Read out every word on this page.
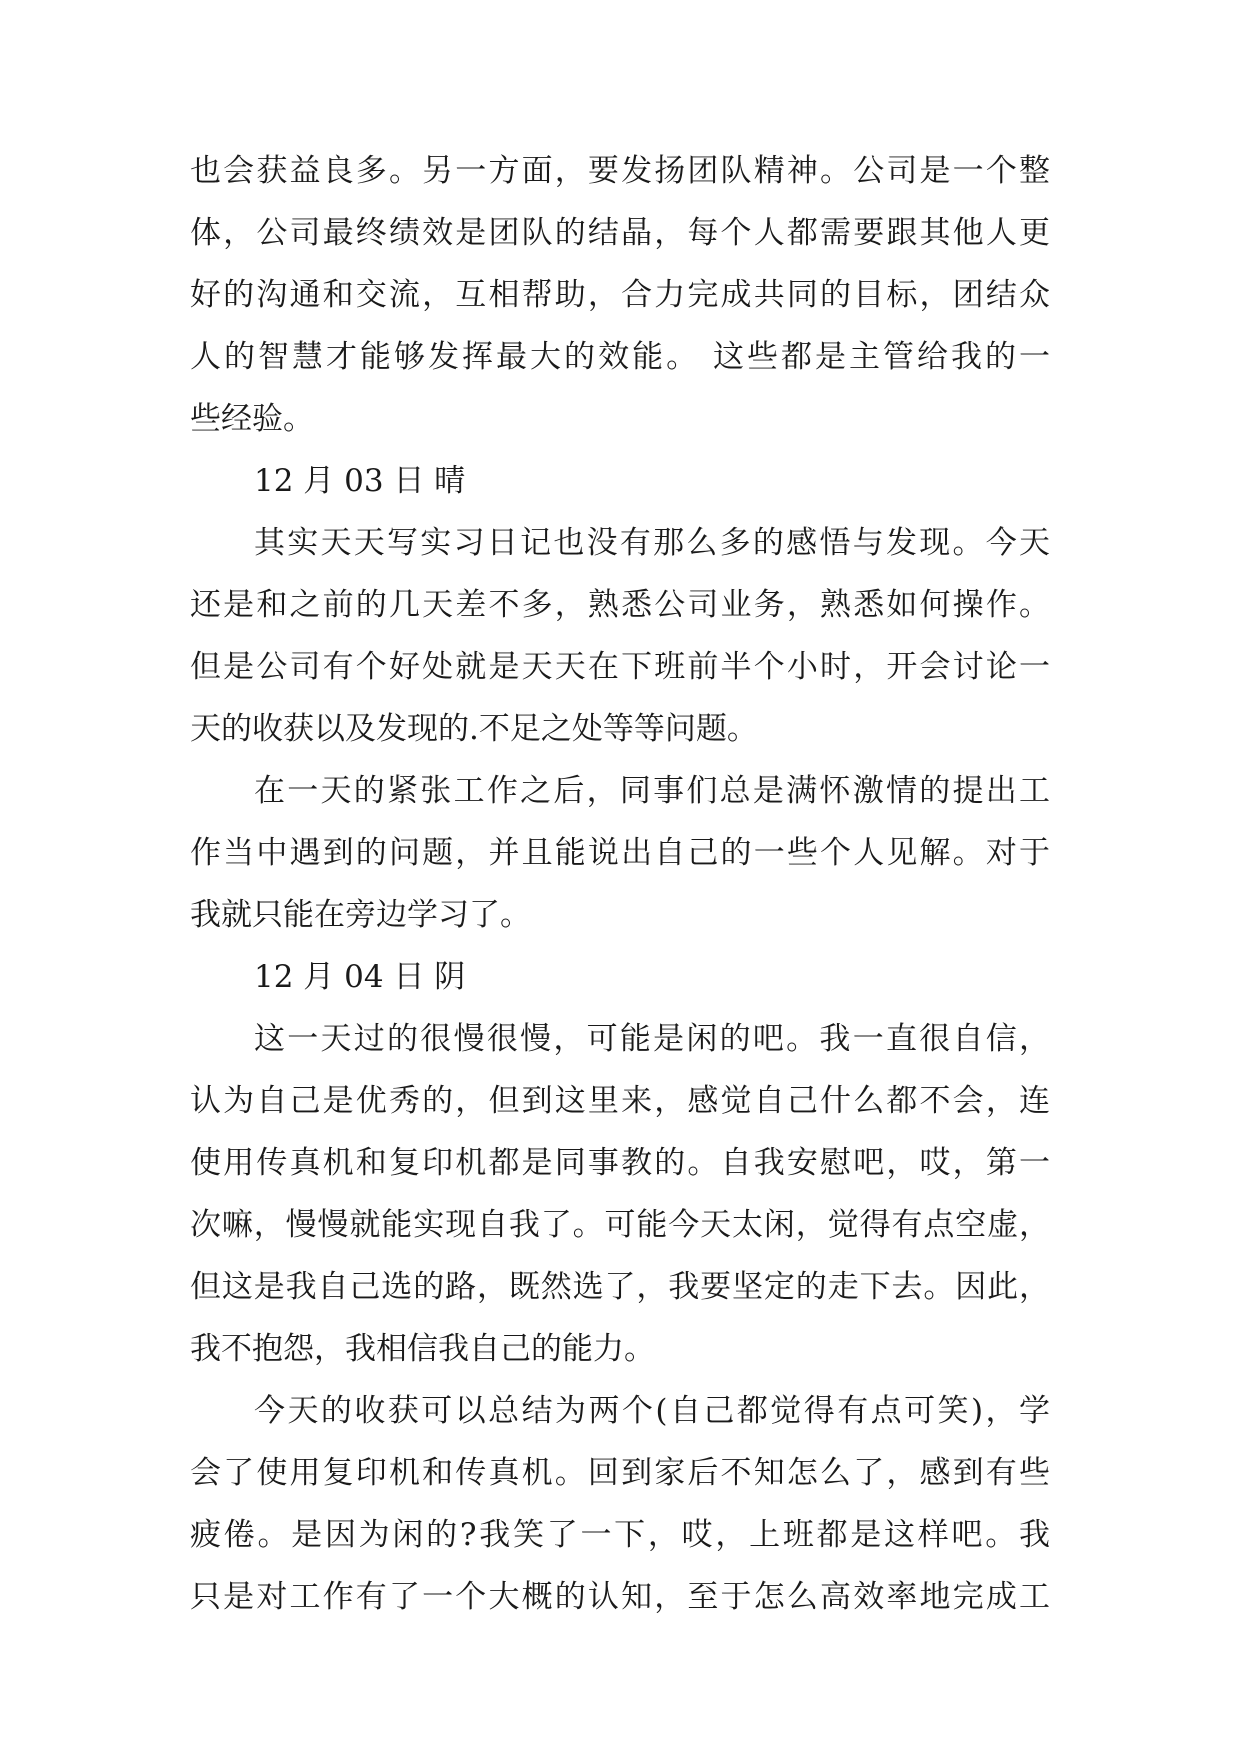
也会获益良多。另一方面，要发扬团队精神。公司是一个整
体，公司最终绩效是团队的结晶，每个人都需要跟其他人更
好的沟通和交流，互相帮助，合力完成共同的目标，团结众
人的智慧才能够发挥最大的效能。 这些都是主管给我的一
些经验。
12 月 03 日 晴
其实天天写实习日记也没有那么多的感悟与发现。今天
还是和之前的几天差不多，熟悉公司业务，熟悉如何操作。
但是公司有个好处就是天天在下班前半个小时，开会讨论一
天的收获以及发现的.不足之处等等问题。
在一天的紧张工作之后，同事们总是满怀激情的提出工
作当中遇到的问题，并且能说出自己的一些个人见解。对于
我就只能在旁边学习了。
12 月 04 日 阴
这一天过的很慢很慢，可能是闲的吧。我一直很自信，
认为自己是优秀的，但到这里来，感觉自己什么都不会，连
使用传真机和复印机都是同事教的。自我安慰吧，哎，第一
次嘛，慢慢就能实现自我了。可能今天太闲，觉得有点空虚，
但这是我自己选的路，既然选了，我要坚定的走下去。因此，
我不抱怨，我相信我自己的能力。
今天的收获可以总结为两个(自己都觉得有点可笑)，学
会了使用复印机和传真机。回到家后不知怎么了，感到有些
疲倦。是因为闲的?我笑了一下，哎，上班都是这样吧。我
只是对工作有了一个大概的认知，至于怎么高效率地完成工
